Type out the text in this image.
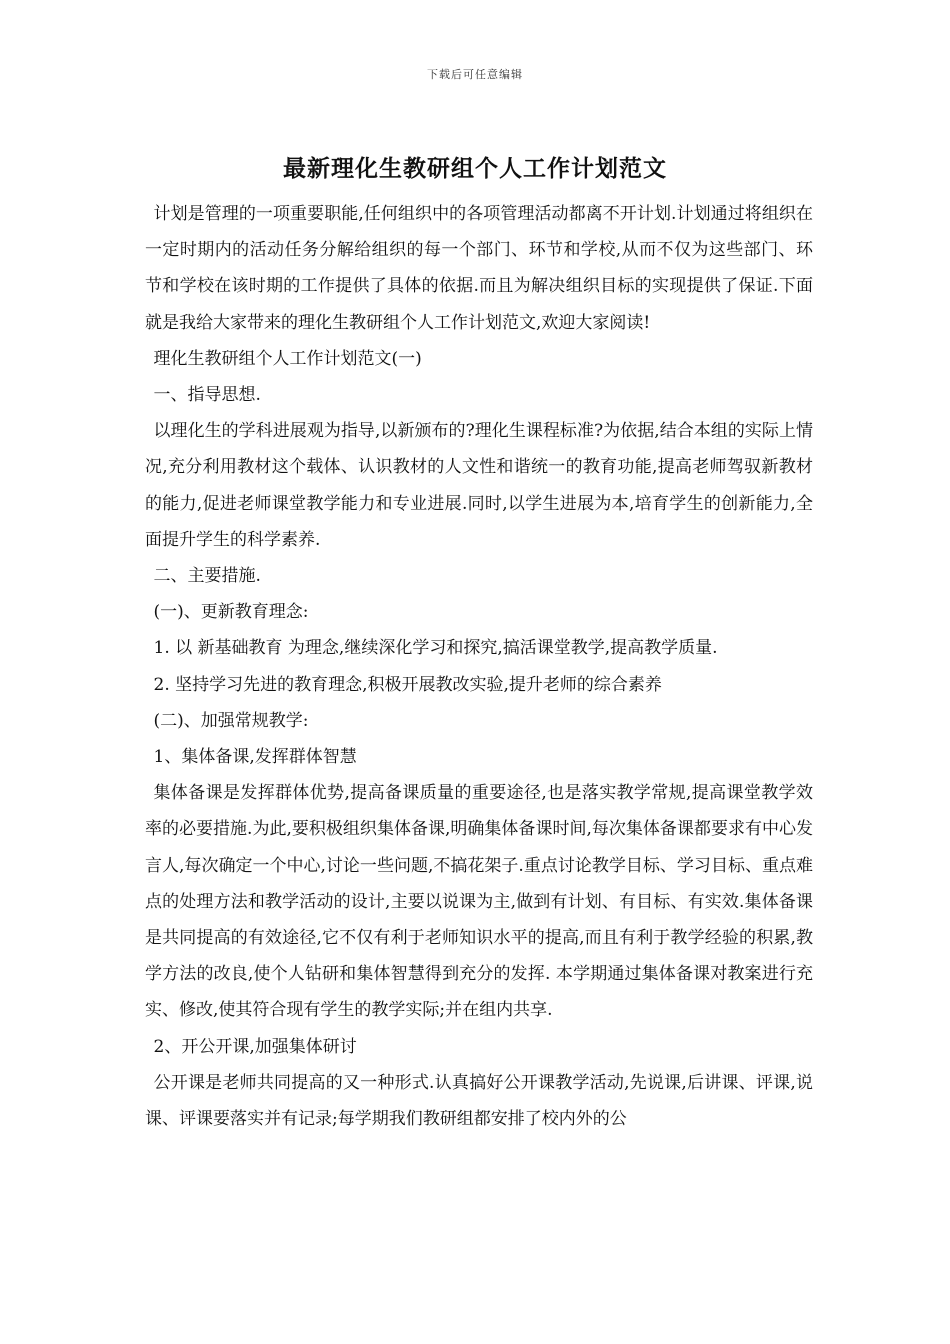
下载后可任意编辑
最新理化生教研组个人工作计划范文

计划是管理的一项重要职能,任何组织中的各项管理活动都离不开计划.计划通过将组织在一定时期内的活动任务分解给组织的每一个部门、环节和学校,从而不仅为这些部门、环节和学校在该时期的工作提供了具体的依据.而且为解决组织目标的实现提供了保证.下面就是我给大家带来的理化生教研组个人工作计划范文,欢迎大家阅读!

理化生教研组个人工作计划范文(一)

一、指导思想.

以理化生的学科进展观为指导,以新颁布的?理化生课程标准?为依据,结合本组的实际上情况,充分利用教材这个载体、认识教材的人文性和谐统一的教育功能,提高老师驾驭新教材的能力,促进老师课堂教学能力和专业进展.同时,以学生进展为本,培育学生的创新能力,全面提升学生的科学素养.

二、主要措施.

(一)、更新教育理念:

1. 以 新基础教育 为理念,继续深化学习和探究,搞活课堂教学,提高教学质量.

2. 坚持学习先进的教育理念,积极开展教改实验,提升老师的综合素养

(二)、加强常规教学:

1、集体备课,发挥群体智慧

集体备课是发挥群体优势,提高备课质量的重要途径,也是落实教学常规,提高课堂教学效率的必要措施.为此,要积极组织集体备课,明确集体备课时间,每次集体备课都要求有中心发言人,每次确定一个中心,讨论一些问题,不搞花架子.重点讨论教学目标、学习目标、重点难点的处理方法和教学活动的设计,主要以说课为主,做到有计划、有目标、有实效.集体备课是共同提高的有效途径,它不仅有利于老师知识水平的提高,而且有利于教学经验的积累,教学方法的改良,使个人钻研和集体智慧得到充分的发挥. 本学期通过集体备课对教案进行充实、修改,使其符合现有学生的教学实际;并在组内共享.

2、开公开课,加强集体研讨

公开课是老师共同提高的又一种形式.认真搞好公开课教学活动,先说课,后讲课、评课,说课、评课要落实并有记录;每学期我们教研组都安排了校内外的公
